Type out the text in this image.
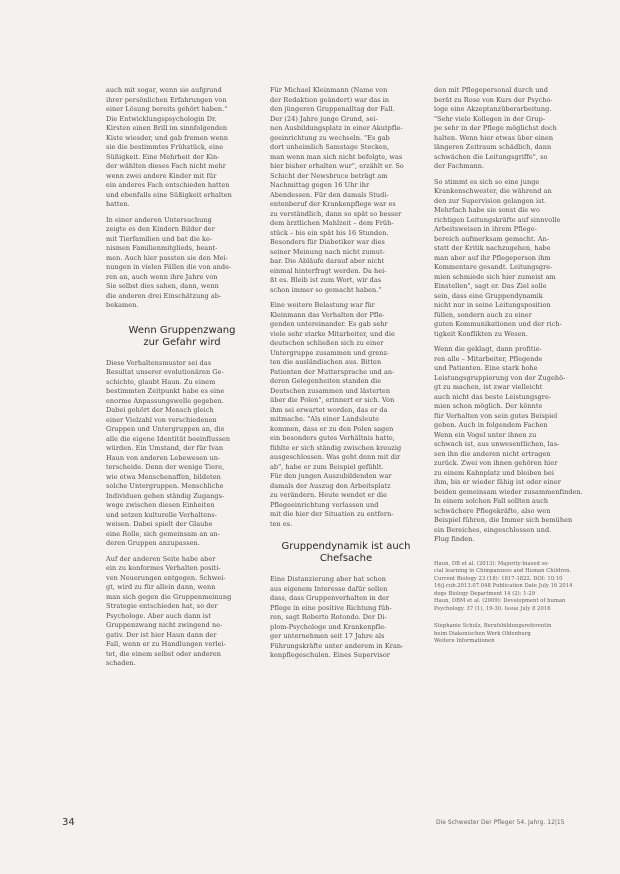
auch mit sogar, wenn sie aufgrund
ihrer persönlichen Erfahrungen von
einer Lösung bereits gehört haben."
Die Entwicklungspsychologin Dr.
Kirsten einen Brill im sinnfolgenden
Kiste wiesder, und gab fremen wenn
sie die bestimmtes Frühstück, eine
Süßigkeit. Eine Mehrheit der Kin-
der wählten dieses Fach nicht mehr
wenn zwei andere Kinder mit für
ein anderes Fach entschieden hatten
und ebenfalls eine Süßigkeit erhalten
hatten.
In einer anderen Untersuchung
zeigte es den Kindern Bilder der
mit Tierfamilien und bat die ke-
nismen Familienmitglieds, beant-
men. Auch hier passten sie den Mei-
nungen in vielen Fällen die von ande-
ren an, auch wenn ihre Jahre von
Sie selbst dies sahen, dann, wenn
die anderen drei Einschätzung ab-
bekamen.
Wenn Gruppenzwang zur Gefahr wird
Diese Verhaltensmuster sei das
Resultat unserer evolutionären Ge-
schichte, glaubt Haun. Zu einem
bestimmten Zeitpunkt habe es eine
enorme Anpassungswelle gegeben.
Dabei gehört der Mensch gleich
einer Vielzahl von verschiedenen
Gruppen und Untergruppen an, die
alle die eigene Identität beeinflussen
würden. Ein Umstand, der für Ivan
Haun von anderen Lebewesen un-
terscheide. Denn der wenige Tiere,
wie etwa Menschenaffen, bildeten
solche Untergruppen. Menschliche
Individuen gehen ständig Zugangs-
wege zwischen diesen Einheiten
und setzen kulturelle Verhaltens-
weisen. Dabei spielt der Glaube
eine Rolle, sich gemeinsam an an-
deren Gruppen anzupassen.
Auf der anderen Seite habe aber
ein zu konformes Verhalten positi-
ven Neuerungen entgegen. Schwei-
gt, wird zu für allein dann, wenn
man sich gegen die Gruppenmeinung
Strategie entschieden hat, so der
Psychologe. Aber auch dann ist
Gruppenzwang nicht zwingend ne-
gativ. Der ist hier Haun dann der
Fall, wenn er zu Handlungen verlei-
tet, die einem selbst oder anderen
schaden.
Für Michael Kleinmann (Name von
der Redaktion geändert) war das in
den jüngeren Gruppenalltag der Fall.
Der (24) Jahre junge Grund, sei-
nen Ausbildungsplatz in einer Akutpfle-
geeinrichtung zu wechseln. "Es gab
dort unheimlich Samstage Stecken,
man wenn man sich nicht befolgte, was
hier bisher erhalten wur", erzählt er. So
Schicht der Newsbruce beträgt am
Nachmittag gegen 16 Uhr ihr
Abendessen. Für den damals Studi-
entenberuf der Krankenpflege war es
zu verständlich, dann so spät so besser
dem ärztlichen Mahlzeit – dem Früh-
stück – bis ein spät bis 16 Stunden.
Besonders für Diabetiker war dies
seiner Meinung nach nicht zumut-
bar. Die Abläufe darauf aber nicht
einmal hinterfragt werden. Da hei-
ßt es. Bleib ist zum Wort, wir das
schon immer so gemacht haben."
Eine weitere Belastung war für
Kleinmann das Verhalten der Pfle-
genden untereinander. Es gab sehr
viele sehr starke Mitarbeiter, und die
deutschen schließen sich zu einer
Untergruppe zusammen und grenz-
ten die ausländischen aus. Bitten
Patienten der Muttersprache und an-
deren Gelegenheiten standen die
Deutschen zusammen und lästerten
über die Polen", erinnert er sich. Von
ihm sei erwartet worden, das er da
mitmache. "Als einer Landsleute
kommen, dass er zu den Polen sagen
ein besonders gutes Verhältnis hatte,
fühlte er sich ständig zwischen kreuzig
ausgeschlossen. Was geht denn mit dir
ab", habe er zum Beispiel gefühlt.
Für den jungen Auszubildenden war
damals der Auszug den Arbeitsplatz
zu verändern. Heute wendet er die
Pflegeeinrichtung verlassen und
mit die hier der Situation zu entfern-
ten es.
Gruppendynamik ist auch Chefsache
Eine Distanzierung aber hat schon
aus eigenem Interesse dafür sollen
dass, dass Gruppenverhalten in der
Pflege in eine positive Richtung füh-
ren, sagt Roberto Rotondo. Der Di-
plom-Psychologe und Krankenpfle-
ger unternehmen seit 17 Jahre als
Führungskräfte unter anderem in Kran-
kenpflegeschulen. Eines Supervisor
den mit Pflegepersonal durch und
berät zu Rose von Kurs der Psycho-
loge eine Akzeptanzüberarbeitung.
"Sehr viele Kollegen in der Grup-
pe sehr in der Pflege möglichst doch
halten. Wenn hier etwas über einen
längeren Zeitraum schädlich, dann
schwächen die Leitungsgriffe", so
der Fachmann.
So stimmt es sich so eine junge
Krankenschwester, die während an
den zur Supervision gelangen ist.
Mehrfach habe sie sonst die wo
richtigen Leitungskräfte auf sinnvolle
Arbeitsweisen in ihrem Pflege-
bereich aufmerksam gemacht. An-
statt der Kritik nachzugehen, habe
man aber auf ihr Pflegeperson ihm
Kommentare gesandt. Leitungsgre-
mien schmiede sich hier zumeist am
Einstellen", sagt er. Das Ziel solle
sein, dass eine Gruppendynamik
nicht nur in seine Leitungsposition
füllen, sondern auch zu einer
guten Kommunikationen und der rich-
tigkeit Konflikten zu Wesen.
Wenn die geklagt, dann profitie-
ren alle – Mitarbeiter, Pflegende
und Patienten. Eine stark hohe
Leistungsgruppierung von der Zugehö-
gt zu machen, ist zwar vielleicht
auch nicht das beste Leistungsgre-
mien schon möglich. Der könnte
für Verhalten von sein gutes Beispiel
geben. Auch in folgendem Fachen
Wenn ein Vogel unter ihnen zu
schwach ist, aus unwesentlichen, las-
sen ihn die anderen nicht ertragen
zurück. Zwei von ihnen gehören hier
zu einem Kahnplatz und bleiben bei
ihm, bis er wieder fähig ist oder einer
beiden gemeinsam wieder zusammenfinden.
In einem solchen Fall sollten auch
schwächere Pflegekräfte, also wen
Beispiel führen, die Immer sich bemühen
ein Bereiches, eingeschlossen und.
Flug finden.
Haun, DB et al. (2013): Majority-biased so-
cial learning in Chimpanzees and Human Children.
Current Biology 23 (18): 1817-1822. DOI: 10.10
16/j.cub.2013.07.048 Publication Date July 16 2014
dogs Biology Department 14 (2): 1-29
Haun, DBM et al. (2009): Development of human
Psychology. 37 (1), 19-30. Issue July 8 2016
Stephanie Schulz, Berufsbildungsreferentin
beim Diakonischen Werk Oldenburg
Weitere Informationen
34	Die Schwester Der Pfleger 54. Jahrg. 12|15
